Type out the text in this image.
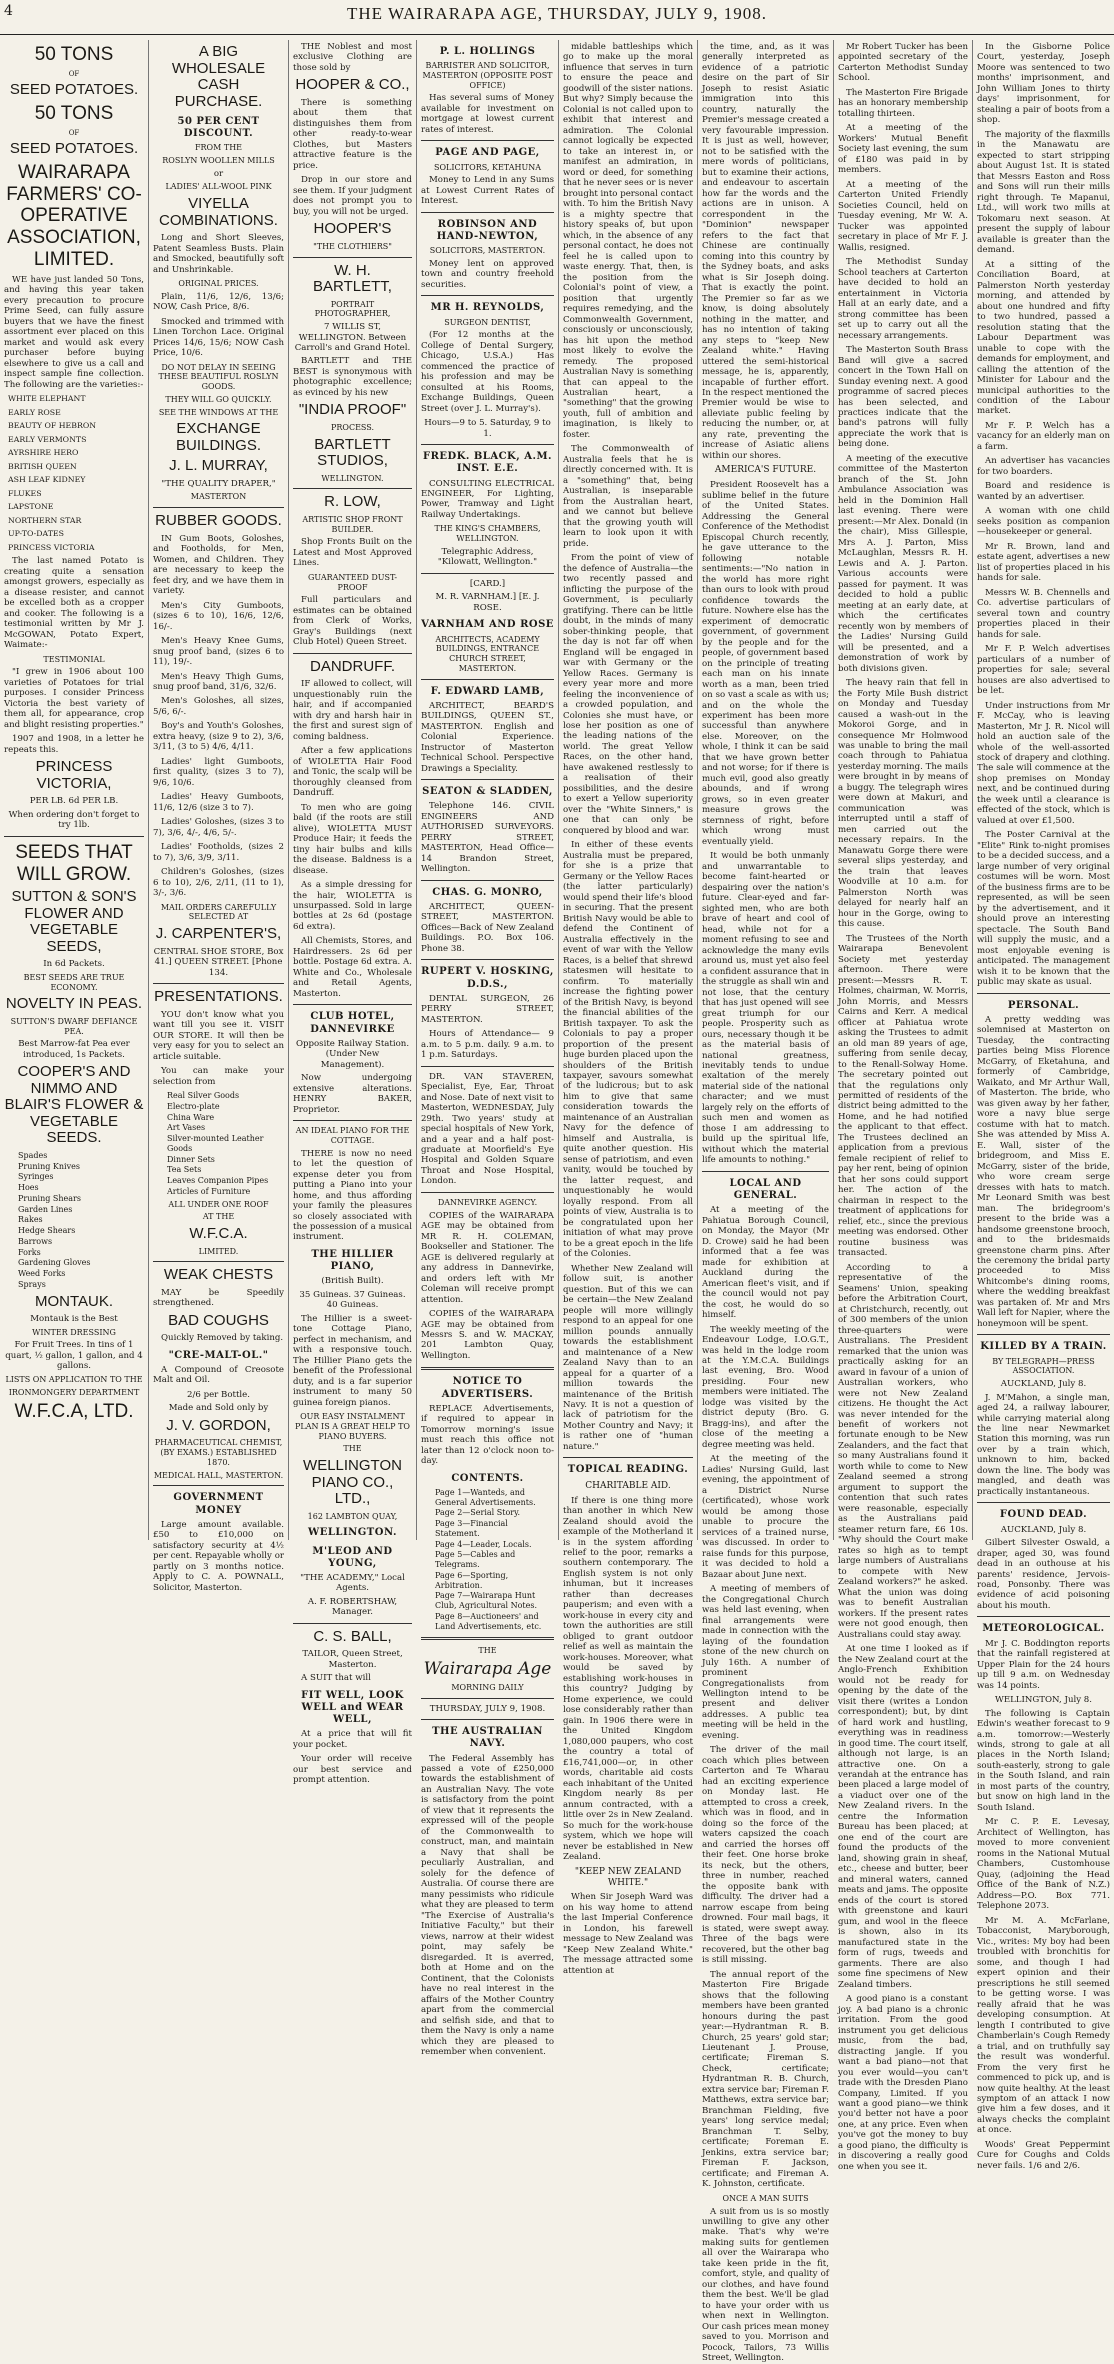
4	THE WAIRARAPA AGE, THURSDAY, JULY 9, 1908.
50 TONS
OF
SEED POTATOES.
50 TONS
OF
SEED POTATOES.
WAIRARAPA FARMERS' CO-OPERATIVE ASSOCIATION, LIMITED.

WE have just landed 50 Tons, and having this year taken every precaution to procure Prime Seed, can fully assure buyers that we have the finest assortment ever placed on this market and would ask every purchaser before buying elsewhere to give us a call and inspect sample fine collection. The following are the varieties:-

WHITE ELEPHANT
EARLY ROSE
BEAUTY OF HEBRON
EARLY VERMONTS
AYRSHIRE HERO
BRITISH QUEEN
ASH LEAF KIDNEY
FLUKES
LAPSTONE
NORTHERN STAR
UP-TO-DATES
PRINCESS VICTORIA

The last named Potato is creating quite a sensation amongst growers, especially as a disease resister, and cannot be excelled both as a cropper and cooker. The following is a testimonial written by Mr J. McGOWAN, Potato Expert, Waimate:-

TESTIMONIAL

"I grew in 1906 about 100 varieties of Potatoes for trial purposes. I consider Princess Victoria the best variety of them all, for appearance, crop and blight resisting properties."

1907 and 1908, in a letter he repeats this.

PRINCESS VICTORIA,
PER LB. 6d PER LB.
When ordering don't forget to try 1lb.
SEEDS THAT WILL GROW.
SUTTON & SON'S FLOWER AND VEGETABLE SEEDS,
In 6d Packets.
BEST SEEDS ARE TRUE ECONOMY.
NOVELTY IN PEAS.
SUTTON'S DWARF DEFIANCE PEA.
Best Marrow-fat Pea ever introduced, 1s Packets.
COOPER'S AND NIMMO AND BLAIR'S FLOWER & VEGETABLE SEEDS.
Spades
Pruning Knives
Syringes
Hoes
Pruning Shears
Garden Lines
Rakes
Hedge Shears
Barrows
Forks
Gardening Gloves
Weed Forks
Sprays
MONTAUK.
Montauk is the Best
WINTER DRESSING
For Fruit Trees. In tins of 1 quart, ½ gallon, 1 gallon, and 4 gallons.
LISTS ON APPLICATION TO THE
IRONMONGERY DEPARTMENT
W.F.C.A, LTD.
A BIG WHOLESALE CASH PURCHASE.
50 PER CENT DISCOUNT.
FROM THE
ROSLYN WOOLLEN MILLS
or
LADIES' ALL-WOOL PINK
VIYELLA COMBINATIONS.

Long and Short Sleeves, Patent Seamless Busts. Plain and Smocked, beautifully soft and Unshrinkable.

ORIGINAL PRICES.

Plain, 11/6, 12/6, 13/6; NOW, Cash Price, 8/6.

Smocked and trimmed with Linen Torchon Lace. Original Prices 14/6, 15/6; NOW Cash Price, 10/6.

DO NOT DELAY IN SEEING THESE BEAUTIFUL ROSLYN GOODS.
THEY WILL GO QUICKLY.
SEE THE WINDOWS AT THE
EXCHANGE BUILDINGS.
J. L. MURRAY,
"THE QUALITY DRAPER,"
MASTERTON
RUBBER GOODS.

IN Gum Boots, Goloshes, and Footholds, for Men, Women, and Children. They are necessary to keep the feet dry, and we have them in variety.

Men's City Gumboots, (sizes 6 to 10), 16/6, 12/6, 16/-.

Men's Heavy Knee Gums, snug proof band, (sizes 6 to 11), 19/-.

Men's Heavy Thigh Gums, snug proof band, 31/6, 32/6.

Men's Goloshes, all sizes, 5/6, 6/-.

Boy's and Youth's Goloshes, extra heavy, (size 9 to 2), 3/6, 3/11, (3 to 5) 4/6, 4/11.

Ladies' light Gumboots, first quality, (sizes 3 to 7), 9/6, 10/6.

Ladies' Heavy Gumboots, 11/6, 12/6 (size 3 to 7).

Ladies' Goloshes, (sizes 3 to 7), 3/6, 4/-, 4/6, 5/-.

Ladies' Footholds, (sizes 2 to 7), 3/6, 3/9, 3/11.

Children's Goloshes, (sizes 6 to 10), 2/6, 2/11, (11 to 1), 3/-, 3/6.

MAIL ORDERS CAREFULLY SELECTED AT
J. CARPENTER'S,
CENTRAL SHOE STORE, Box 41.] QUEEN STREET. [Phone 134.
PRESENTATIONS.

YOU don't know what you want till you see it. VISIT OUR STORE. It will then be very easy for you to select an article suitable.

You can make your selection from

Real Silver Goods
Electro-plate
China Ware
Art Vases
Silver-mounted Leather Goods
Dinner Sets
Tea Sets
Leaves Companion Pipes
Articles of Furniture
ALL UNDER ONE ROOF
AT THE
W.F.C.A.
LIMITED.
WEAK CHESTS

MAY be Speedily strengthened.

BAD COUGHS

Quickly Removed by taking.

"CRE-MALT-OL."

A Compound of Creosote Malt and Oil.

2/6 per Bottle.
Made and Sold only by
J. V. GORDON,
PHARMACEUTICAL CHEMIST, (BY EXAMS.) ESTABLISHED 1870.
MEDICAL HALL, MASTERTON.
GOVERNMENT MONEY

Large amount available. £50 to £10,000 on satisfactory security at 4½ per cent. Repayable wholly or partly on 3 months notice. Apply to C. A. POWNALL, Solicitor, Masterton.

THE Noblest and most exclusive Clothing are those sold by

HOOPER & CO.,

There is something about them that distinguishes them from other ready-to-wear Clothes, but Masters attractive feature is the price.

Drop in our store and see them. If your judgment does not prompt you to buy, you will not be urged.

HOOPER'S
"THE CLOTHIERS"
W. H. BARTLETT,
PORTRAIT PHOTOGRAPHER,
7 WILLIS ST, WELLINGTON. Between Carroll's and Grand Hotel.

BARTLETT and THE BEST is synonymous with photographic excellence; as evinced by his new

"INDIA PROOF"
PROCESS.
BARTLETT STUDIOS,
WELLINGTON.
R. LOW,
ARTISTIC SHOP FRONT BUILDER.

Shop Fronts Built on the Latest and Most Approved Lines.

GUARANTEED DUST-PROOF

Full particulars and estimates can be obtained from Clerk of Works, Gray's Buildings (next Club Hotel) Queen Street.

DANDRUFF.

IF allowed to collect, will unquestionably ruin the hair, and if accompanied with dry and harsh hair in the first and surest sign of coming baldness.

After a few applications of WIOLETTA Hair Food and Tonic, the scalp will be thoroughly cleansed from Dandruff.

To men who are going bald (if the roots are still alive), WIOLETTA MUST Produce Hair; it feeds the tiny hair bulbs and kills the disease. Baldness is a disease.

As a simple dressing for the hair, WIOLETTA is unsurpassed. Sold in large bottles at 2s 6d (postage 6d extra).

All Chemists, Stores, and Hairdressers. 2s 6d per bottle. Postage 6d extra. A. White and Co., Wholesale and Retail Agents, Masterton.

CLUB HOTEL, DANNEVIRKE
Opposite Railway Station. (Under New Management).

Now undergoing extensive alterations. HENRY BAKER, Proprietor.

AN IDEAL PIANO FOR THE COTTAGE.

THERE is now no need to let the question of expense deter you from putting a Piano into your home, and thus affording your family the pleasures so closely associated with the possession of a musical instrument.

THE HILLIER PIANO,
(British Built).
35 Guineas. 37 Guineas. 40 Guineas.

The Hillier is a sweet-tone Cottage Piano, perfect in mechanism, and with a responsive touch. The Hillier Piano gets the benefit of the Professional duty, and is a far superior instrument to many 50 guinea foreign pianos.

OUR EASY INSTALMENT PLAN IS A GREAT HELP TO PIANO BUYERS.
THE
WELLINGTON PIANO CO., LTD.,
162 LAMBTON QUAY,
WELLINGTON.
M'LEOD AND YOUNG,
"THE ACADEMY," Local Agents.
A. F. ROBERTSHAW, Manager.
C. S. BALL,
TAILOR, Queen Street, Masterton.

A SUIT that will

FIT WELL, LOOK WELL and WEAR WELL,

At a price that will fit your pocket.

Your order will receive our best service and prompt attention.

P. L. HOLLINGS
BARRISTER AND SOLICITOR, MASTERTON (OPPOSITE POST OFFICE)

Has several sums of Money available for investment on mortgage at lowest current rates of interest.

PAGE AND PAGE,
SOLICITORS, KETAHUNA

Money to Lend in any Sums at Lowest Current Rates of Interest.

ROBINSON AND HAND-NEWTON,
SOLICITORS, MASTERTON.

Money lent on approved town and country freehold securities.

MR H. REYNOLDS,
SURGEON DENTIST,

(For 12 months at the College of Dental Surgery, Chicago, U.S.A.) Has commenced the practice of his profession and may be consulted at his Rooms, Exchange Buildings, Queen Street (over J. L. Murray's).

Hours—9 to 5. Saturday, 9 to 1.
FREDK. BLACK, A.M. INST. E.E.

CONSULTING ELECTRICAL ENGINEER, For Lighting, Power, Tramway and Light Railway Undertakings.

THE KING'S CHAMBERS, WELLINGTON.
Telegraphic Address, "Kilowatt, Wellington."
[CARD.]
M. R. VARNHAM.] [E. J. ROSE.
VARNHAM AND ROSE
ARCHITECTS, ACADEMY BUILDINGS, ENTRANCE CHURCH STREET, MASTERTON.
F. EDWARD LAMB,

ARCHITECT, BEARD'S BUILDINGS, QUEEN ST., MASTERTON. English and Colonial Experience. Instructor of Masterton Technical School. Perspective Drawings a Speciality.

SEATON & SLADDEN,

Telephone 146. CIVIL ENGINEERS AND AUTHORISED SURVEYORS. PERRY STREET, MASTERTON, Head Office— 14 Brandon Street, Wellington.

CHAS. G. MONRO,

ARCHITECT, QUEEN-STREET, MASTERTON. Offices—Back of New Zealand Buildings. P.O. Box 106. Phone 38.

RUPERT V. HOSKING, D.D.S.,

DENTAL SURGEON, 26 PERRY STREET, MASTERTON.

Hours of Attendance— 9 a.m. to 5 p.m. daily. 9 a.m. to 1 p.m. Saturdays.

DR. VAN STAVEREN, Specialist, Eye, Ear, Throat and Nose. Date of next visit to Masterton, WEDNESDAY, July 29th. Two years' study at special hospitals of New York, and a year and a half post-graduate at Moorfield's Eye Hospital and Golden Square Throat and Nose Hospital, London.

DANNEVIRKE AGENCY.

COPIES of the WAIRARAPA AGE may be obtained from MR R. H. COLEMAN, Bookseller and Stationer. The AGE is delivered regularly at any address in Dannevirke, and orders left with Mr Coleman will receive prompt attention.

COPIES of the WAIRARAPA AGE may be obtained from Messrs S. and W. MACKAY, 201 Lambton Quay, Wellington.

NOTICE TO ADVERTISERS.

REPLACE Advertisements, if required to appear in Tomorrow morning's issue must reach this office not later than 12 o'clock noon to-day.

CONTENTS.
Page 1—Wanteds, and General Advertisements.
Page 2—Serial Story.
Page 3—Financial Statement.
Page 4—Leader, Locals.
Page 5—Cables and Telegrams.
Page 6—Sporting, Arbitration.
Page 7—Wairarapa Hunt Club, Agricultural Notes.
Page 8—Auctioneers' and Land Advertisements, etc.
THE
Wairarapa Age
MORNING DAILY
THURSDAY, JULY 9, 1908.
THE AUSTRALIAN NAVY.

The Federal Assembly has passed a vote of £250,000 towards the establishment of an Australian Navy. The vote is satisfactory from the point of view that it represents the expressed will of the people of the Commonwealth to construct, man, and maintain a Navy that shall be peculiarly Australian, and solely for the defence of Australia. Of course there are many pessimists who ridicule what they are pleased to term "The Exercise of Australia's Initiative Faculty," but their views, narrow at their widest point, may safely be disregarded. It is averred, both at Home and on the Continent, that the Colonists have no real interest in the affairs of the Mother Country apart from the commercial and selfish side, and that to them the Navy is only a name which they are pleased to remember when convenient.

midable battleships which go to make up the moral influence that serves in turn to ensure the peace and goodwill of the sister nations. But why? Simply because the Colonial is not called upon to exhibit that interest and admiration. The Colonial cannot logically be expected to take an interest in, or manifest an admiration, in word or deed, for something that he never sees or is never brought into personal contact with. To him the British Navy is a mighty spectre that history speaks of, but upon which, in the absence of any personal contact, he does not feel he is called upon to waste energy. That, then, is the position from the Colonial's point of view, a position that urgently requires remedying, and the Commonwealth Government, consciously or unconsciously, has hit upon the method most likely to evolve the remedy. The proposed Australian Navy is something that can appeal to the Australian heart, a "something" that the growing youth, full of ambition and imagination, is likely to foster.

The Commonwealth of Australia feels that he is directly concerned with. It is a "something" that, being Australian, is inseparable from the Australian heart, and we cannot but believe that the growing youth will learn to look upon it with pride.

From the point of view of the defence of Australia—the two recently passed and inflicting the purpose of the Government, is peculiarly gratifying. There can be little doubt, in the minds of many sober-thinking people, that the day is not far off when England will be engaged in war with Germany or the Yellow Races. Germany is every year more and more feeling the inconvenience of a crowded population, and Colonies she must have, or lose her position as one of the leading nations of the world. The great Yellow Races, on the other hand, have awakened restlessly to a realisation of their possibilities, and the desire to exert a Yellow superiority over the "White Sinners," is one that can only be conquered by blood and war.

In either of these events Australia must be prepared, for she is a prize that Germany or the Yellow Races (the latter particularly) would spend their life's blood in securing. That the present British Navy would be able to defend the Continent of Australia effectively in the event of war with the Yellow Races, is a belief that shrewd statesmen will hesitate to confirm. To materially increase the fighting power of the British Navy, is beyond the financial abilities of the British taxpayer. To ask the Colonials to pay a proper proportion of the present huge burden placed upon the shoulders of the British taxpayer, savours somewhat of the ludicrous; but to ask him to give that same consideration towards the maintenance of an Australian Navy for the defence of himself and Australia, is quite another question. His sense of patriotism, and even vanity, would be touched by the latter request, and unquestionably he would loyally respond. From all points of view, Australia is to be congratulated upon her initiation of what may prove to be a great epoch in the life of the Colonies.

Whether New Zealand will follow suit, is another question. But of this we can be certain—the New Zealand people will more willingly respond to an appeal for one million pounds annually towards the establishment and maintenance of a New Zealand Navy than to an appeal for a quarter of a million towards the maintenance of the British Navy. It is not a question of lack of patriotism for the Mother Country and Navy; it is rather one of "human nature."

TOPICAL READING.
CHARITABLE AID.

If there is one thing more than another in which New Zealand should avoid the example of the Motherland it is in the system affording relief to the poor, remarks a southern contemporary. The English system is not only inhuman, but it increases rather than decreases pauperism; and even with a work-house in every city and town the authorities are still obliged to grant outdoor relief as well as maintain the work-houses. Moreover, what would be saved by establishing work-houses in this country? Judging by Home experience, we could lose considerably rather than gain. In 1906 there were in the United Kingdom 1,080,000 paupers, who cost the country a total of £16,741,000—or, in other words, charitable aid costs each inhabitant of the United Kingdom nearly 8s per annum contracted, with a little over 2s in New Zealand. So much for the work-house system, which we hope will never be established in New Zealand.

"KEEP NEW ZEALAND WHITE."

When Sir Joseph Ward was on his way home to attend the last Imperial Conference in London, his farewell message to New Zealand was "Keep New Zealand White." The message attracted some attention at

the time, and, as it was generally interpreted as evidence of a patriotic desire on the part of Sir Joseph to resist Asiatic immigration into this country, naturally the Premier's message created a very favourable impression. It is just as well, however, not to be satisfied with the mere words of politicians, but to examine their actions, and endeavour to ascertain how far the words and the actions are in unison. A correspondent in the "Dominion" newspaper refers to the fact that Chinese are continually coming into this country by the Sydney boats, and asks what is Sir Joseph doing. That is exactly the point. The Premier so far as we know, is doing absolutely nothing in the matter, and has no intention of taking any steps to "keep New Zealand white." Having uttered the semi-historical message, he is, apparently, incapable of further effort. In the respect mentioned the Premier would be wise to alleviate public feeling by reducing the number, or, at any rate, preventing the increase of Asiatic aliens within our shores.

AMERICA'S FUTURE.

President Roosevelt has a sublime belief in the future of the United States. Addressing the General Conference of the Methodist Episcopal Church recently, he gave utterance to the following notable sentiments:—"No nation in the world has more right than ours to look with proud confidence towards the future. Nowhere else has the experiment of democratic government, of government by the people and for the people, of government based on the principle of treating each man on his innate worth as a man, been tried on so vast a scale as with us; and on the whole the experiment has been more successful than anywhere else. Moreover, on the whole, I think it can be said that we have grown better and not worse; for if there is much evil, good also greatly abounds, and if wrong grows, so in even greater measure grows the sternness of right, before which wrong must eventually yield.

It would be both unmanly and unwarrantable to become faint-hearted or despairing over the nation's future. Clear-eyed and far-sighted men, who are both brave of heart and cool of head, while not for a moment refusing to see and acknowledge the many evils around us, must yet also feel a confident assurance that in the struggle as shall win and not lose, that the century that has just opened will see great triumph for our people. Prosperity such as ours, necessary though it be as the material basis of national greatness, inevitably tends to undue exaltation of the merely material side of the national character; and we must largely rely on the efforts of such men and women as those I am addressing to build up the spiritual life, without which the material life amounts to nothing."

LOCAL AND GENERAL.

At a meeting of the Pahiatua Borough Council, on Monday, the Mayor (Mr D. Crowe) said he had been informed that a fee was made for exhibition at Auckland during the American fleet's visit, and if the council would not pay the cost, he would do so himself.

The weekly meeting of the Endeavour Lodge, I.O.G.T., was held in the lodge room at the Y.M.C.A. Buildings last evening, Bro. Wood presiding. Four new members were initiated. The lodge was visited by the district deputy (Bro. G. Bragg-ins), and after the close of the meeting a degree meeting was held.

At the meeting of the Ladies' Nursing Guild, last evening, the appointment of a District Nurse (certificated), whose work would be among those unable to procure the services of a trained nurse, was discussed. In order to raise funds for this purpose, it was decided to hold a Bazaar about June next.

A meeting of members of the Congregational Church was held last evening, when final arrangements were made in connection with the laying of the foundation stone of the new church on July 16th. A number of prominent Congregationalists from Wellington intend to be present and deliver addresses. A public tea meeting will be held in the evening.

The driver of the mail coach which plies between Carterton and Te Wharau had an exciting experience on Monday last. He attempted to cross a creek, which was in flood, and in doing so the force of the waters capsized the coach and carried the horses off their feet. One horse broke its neck, but the others, three in number, reached the opposite bank with difficulty. The driver had a narrow escape from being drowned. Four mail bags, it is stated, were swept away. Three of the bags were recovered, but the other bag is still missing.

The annual report of the Masterton Fire Brigade shows that the following members have been granted honours during the past year:—Hydrantman R. B. Church, 25 years' gold star; Lieutenant J. Prouse, certificate; Fireman S. Check, certificate; Hydrantman R. B. Church, extra service bar; Fireman F. Matthews, extra service bar; Branchman Fielding, five years' long service medal; Branchman T. Selby, certificate; Foreman E. Jenkins, extra service bar; Fireman F. Jackson, certificate; and Fireman A. K. Johnston, certificate.

ONCE A MAN SUITS

A suit from us is so mostly unwilling to give any other make. That's why we're making suits for gentlemen all over the Wairarapa who take keen pride in the fit, comfort, style, and quality of our clothes, and have found them the best. We'll be glad to have your order with us when next in Wellington. Our cash prices mean money saved to you. Morrison and Pocock, Tailors, 73 Willis Street, Wellington.

Mr Robert Tucker has been appointed secretary of the Carterton Methodist Sunday School.

The Masterton Fire Brigade has an honorary membership totalling thirteen.

At a meeting of the Workers' Mutual Benefit Society last evening, the sum of £180 was paid in by members.

At a meeting of the Carterton United Friendly Societies Council, held on Tuesday evening, Mr W. A. Tucker was appointed secretary in place of Mr F. J. Wallis, resigned.

The Methodist Sunday School teachers at Carterton have decided to hold an entertainment in Victoria Hall at an early date, and a strong committee has been set up to carry out all the necessary arrangements.

The Masterton South Brass Band will give a sacred concert in the Town Hall on Sunday evening next. A good programme of sacred pieces has been selected, and practices indicate that the band's patrons will fully appreciate the work that is being done.

A meeting of the executive committee of the Masterton branch of the St. John Ambulance Association was held in the Dominion Hall last evening. There were present:—Mr Alex. Donald (in the chair), Miss Gillespie, Mrs A. J. Parton, Miss McLaughlan, Messrs R. H. Lewis and A. J. Parton. Various accounts were passed for payment. It was decided to hold a public meeting at an early date, at which the certificates recently won by members of the Ladies' Nursing Guild will be presented, and a demonstration of work by both divisions given.

The heavy rain that fell in the Forty Mile Bush district on Monday and Tuesday caused a wash-out in the Mokoroi Gorge, and in consequence Mr Holmwood was unable to bring the mail coach through to Pahiatua yesterday morning. The mails were brought in by means of a buggy. The telegraph wires were down at Makuri, and communication was interrupted until a staff of men carried out the necessary repairs. In the Manawatu Gorge there were several slips yesterday, and the train that leaves Woodville at 10 a.m. for Palmerston North was delayed for nearly half an hour in the Gorge, owing to this cause.

The Trustees of the North Wairarapa Benevolent Society met yesterday afternoon. There were present:—Messrs R. T. Holmes, chairman, W. Morris, John Morris, and Messrs Cairns and Kerr. A medical officer at Pahiatua wrote asking the Trustees to admit an old man 89 years of age, suffering from senile decay, to the Renall-Solway Home. The secretary pointed out that the regulations only permitted of residents of the district being admitted to the Home, and he had notified the applicant to that effect. The Trustees declined an application from a previous female recipient of relief to pay her rent, being of opinion that her sons could support her. The action of the chairman in respect to the treatment of applications for relief, etc., since the previous meeting was endorsed. Other routine business was transacted.

According to a representative of the Seamens' Union, speaking before the Arbitration Court, at Christchurch, recently, out of 300 members of the union three-quarters were Australians. The President remarked that the union was practically asking for an award in favour of a union of Australian workers, who were not New Zealand citizens. He thought the Act was never intended for the benefit of workers not fortunate enough to be New Zealanders, and the fact that so many Australians found it worth while to come to New Zealand seemed a strong argument to support the contention that such rates were reasonable, especially as the Australians paid steamer return fare, £6 10s. "Why should the Court make rates so high as to tempt large numbers of Australians to compete with New Zealand workers?" he asked. What the union was doing was to benefit Australian workers. If the present rates were not good enough, then Australians could stay away.

At one time I looked as if the New Zealand court at the Anglo-French Exhibition would not be ready for opening by the date of the visit there (writes a London correspondent); but, by dint of hard work and hustling, everything was in readiness in good time. The court itself, although not large, is an attractive one. On a verandah at the entrance has been placed a large model of a viaduct over one of the New Zealand rivers. In the centre the Information Bureau has been placed; at one end of the court are found the products of the land, showing grain in sheaf, etc., cheese and butter, beer and mineral waters, canned meats and jams. The opposite ends of the court is stored with greenstone and kauri gum, and wool in the fleece is shown, also in its manufactured state in the form of rugs, tweeds and garments. There are also some fine specimens of New Zealand timbers.

A good piano is a constant joy. A bad piano is a chronic irritation. From the good instrument you get delicious music, from the bad, distracting jangle. If you want a bad piano—not that you ever would—you can't trade with the Dresden Piano Company, Limited. If you want a good piano—we think you'd better not have a poor one, at any price. Even when you've got the money to buy a good piano, the difficulty is in discovering a really good one when you see it.

In the Gisborne Police Court, yesterday, Joseph Moore was sentenced to two months' imprisonment, and John William Jones to thirty days' imprisonment, for stealing a pair of boots from a shop.

The majority of the flaxmills in the Manawatu are expected to start stripping about August 1st. It is stated that Messrs Easton and Ross and Sons will run their mills right through. Te Mapanui, Ltd., will work two mills at Tokomaru next season. At present the supply of labour available is greater than the demand.

At a sitting of the Conciliation Board, at Palmerston North yesterday morning, and attended by about one hundred and fifty to two hundred, passed a resolution stating that the Labour Department was unable to cope with the demands for employment, and calling the attention of the Minister for Labour and the municipal authorities to the condition of the Labour market.

Mr F. P. Welch has a vacancy for an elderly man on a farm.

An advertiser has vacancies for two boarders.

Board and residence is wanted by an advertiser.

A woman with one child seeks position as companion—housekeeper or general.

Mr R. Brown, land and estate agent, advertises a new list of properties placed in his hands for sale.

Messrs W. B. Chennells and Co. advertise particulars of several town and country properties placed in their hands for sale.

Mr F. P. Welch advertises particulars of a number of properties for sale; several houses are also advertised to be let.

Under instructions from Mr F. McCay, who is leaving Masterton, Mr J. R. Nicol will hold an auction sale of the whole of the well-assorted stock of drapery and clothing. The sale will commence at the shop premises on Monday next, and be continued during the week until a clearance is effected of the stock, which is valued at over £1,500.

The Poster Carnival at the "Elite" Rink to-night promises to be a decided success, and a large number of very original costumes will be worn. Most of the business firms are to be represented, as will be seen by the advertisement, and it should prove an interesting spectacle. The South Band will supply the music, and a most enjoyable evening is anticipated. The management wish it to be known that the public may skate as usual.

PERSONAL.

A pretty wedding was solemnised at Masterton on Tuesday, the contracting parties being Miss Florence McGarry, of Eketahuna, and formerly of Cambridge, Waikato, and Mr Arthur Wall, of Masterton. The bride, who was given away by her father, wore a navy blue serge costume with hat to match. She was attended by Miss A. E. Wall, sister of the bridegroom, and Miss E. McGarry, sister of the bride, who wore cream serge dresses with hats to match. Mr Leonard Smith was best man. The bridegroom's present to the bride was a handsome greenstone brooch, and to the bridesmaids greenstone charm pins. After the ceremony the bridal party proceeded to Miss Whitcombe's dining rooms, where the wedding breakfast was partaken of. Mr and Mrs Wall left for Napier, where the honeymoon will be spent.

KILLED BY A TRAIN.
BY TELEGRAPH—PRESS ASSOCIATION.
AUCKLAND, July 8.

J. M'Mahon, a single man, aged 24, a railway labourer, while carrying material along the line near Newmarket Station this morning, was run over by a train which, unknown to him, backed down the line. The body was mangled, and death was practically instantaneous.

FOUND DEAD.
AUCKLAND, July 8.

Gilbert Silvester Oswald, a draper, aged 30, was found dead in an outhouse at his parents' residence, Jervois-road, Ponsonby. There was evidence of acid poisoning about his mouth.

METEOROLOGICAL.

Mr J. C. Boddington reports that the rainfall registered at Upper Plain for the 24 hours up till 9 a.m. on Wednesday was 14 points.

WELLINGTON, July 8.

The following is Captain Edwin's weather forecast to 9 a.m. tomorrow:—Westerly winds, strong to gale at all places in the North Island; south-easterly, strong to gale in the South Island, and rain in most parts of the country, but snow on high land in the South Island.

Mr C. P. E. Levesay, Architect of Wellington, has moved to more convenient rooms in the National Mutual Chambers, Customhouse Quay, (adjoining the Head Office of the Bank of N.Z.) Address—P.O. Box 771. Telephone 2073.

Mr M. A. McFarlane, Tobacconist, Maryborough, Vic., writes: My boy had been troubled with bronchitis for some, and though I had expert opinion and their prescriptions he still seemed to be getting worse. I was really afraid that he was developing consumption. At length I contributed to give Chamberlain's Cough Remedy a trial, and on truthfully say the result was wonderful. From the very first he commenced to pick up, and is now quite healthy. At the least symptom of an attack I now give him a few doses, and it always checks the complaint at once.

Woods' Great Peppermint Cure for Coughs and Colds never fails. 1/6 and 2/6.
